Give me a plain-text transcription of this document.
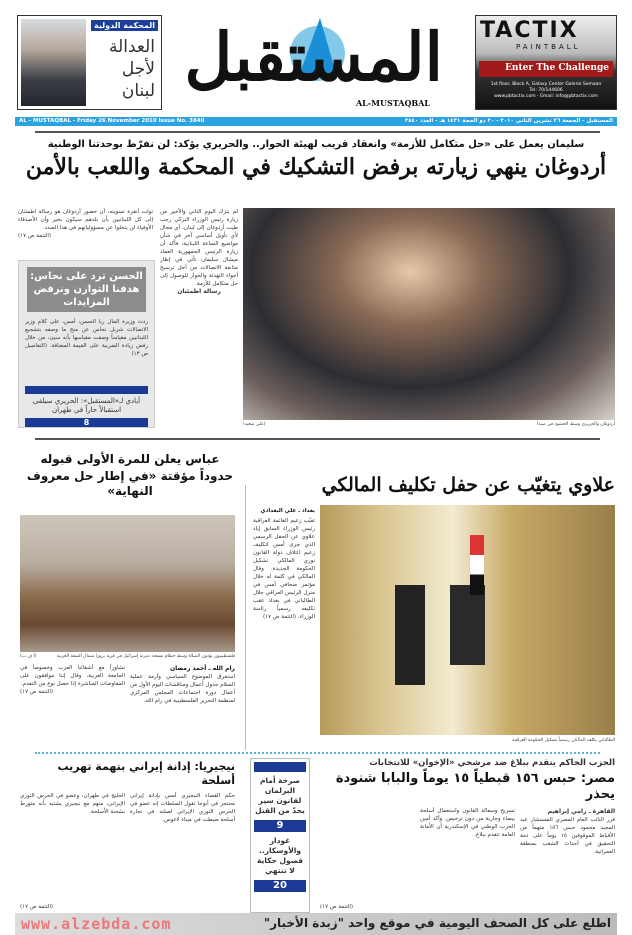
المحكمة الدولية
العدالة
لأجل
لبنان المستقبل
AL-MUSTAQBAL
TACTIX
PAINTBALL
Enter The Challenge
1st floor, Block A, Galaxy Center Galerie Semaan
Tel: 70/144606
www.pbtactix.com - Email: info@pbtactix.com
AL - MUSTAQBAL - Friday 26 November 2010 Issue No. 3840	المستقبل - الجمعة ٢٦ تشرين الثاني ٢٠١٠ - ٢٠ ذو الحجة ١٤٣١ هـ - العدد ٣٨٤٠
سليمان يعمل على «حل متكامل للأزمة» وانعقاد قريب لهيئة الحوار.. والحريري يؤكد: لن نفرّط بوحدتنا الوطنية
أردوغان ينهي زيارته برفض التشكيك في المحكمة واللعب بالأمن
أردوغان والحريري وسط الحشود في صيدا
(علي سعيد)
لم يترك اليوم الثاني والأخير من زيارة رئيس الوزراء التركي رجب طيب أردوغان إلى لبنان، أي مجال لأي تأويل أساسي آخر في شأن مواضيع الساعة اللبنانية، فأكد أن زيارة الرئيس الجمهورية العماد ميشال سليمان تأتي في إطار متابعة الاتصالات من أجل ترسيخ أجواء التهدئة والحوار للوصول إلى حل متكامل للأزمة.
رسالة اطمئنان
تولت أنقرة تسويته، أن حضور أردوغان هو رسالة اطمئنان إلى كل اللبنانيين بأن بلدهم سيكون بخير وأن الأصدقاء الأوفياء لن يتخلوا عن مسؤولياتهم في هذا الصدد.
(التتمة ص ١٧)
الحسن ترد على نحاس: هدفنا التوازن ونرفض المزايدات
ردت وزيرة المال ريا الحسن، أمس، على كلام وزير الاتصالات شربل نحاس عن منح ما وصفه بتشجيع اللبنانيين مقياساً وصفت مقياسها بأنه سيئ، من خلال رفض زيادة الضريبة على القيمة المضافة. (التفاصيل ص ١٣)
أبادي لـ«المستقبل»: الحريري سيلقى استقبالاً حاراً في طهران
8
علاوي يتغيّب عن حفل تكليف المالكي
بغداد ـ علي البغدادي
تغيّب زعيم القائمة العراقية رئيس الوزراء السابق إياد علاوي عن الحفل الرسمي الذي جرى أمس لتكليف زعيم ائتلاف دولة القانون نوري المالكي تشكيل الحكومة الجديدة. وقال المالكي في كلمة له خلال مؤتمر صحافي أمس في منزل الرئيس العراقي جلال الطالباني في بغداد عقب تكليفه رسمياً رئاسة الوزراء. (التتمة ص ١٧)
الطالباني يكلف المالكي رسمياً تشكيل الحكومة العراقية
عباس يعلن للمرة الأولى قبوله
حدوداً مؤقتة «في إطار حل معروف النهاية»
فلسطينيون يؤدون الصلاة وسط حطام مسجد دمرته إسرائيل في قرية بزوزا شمال الضفة الغربية
(أ ف ب)
رام الله ـ أحمد رمضان
استغرق الموضوع السياسي وأزمة عملية السلام جدول أعمال ومناقشات اليوم الأول من أعمال دورة اجتماعات المجلس المركزي لمنظمة التحرير الفلسطينية في رام الله.
تشاوراً مع أشقائنا العرب وخصوصاً في الجامعة العربية، وقال إننا موافقون على المفاوضات المباشرة إذا حصل نوع من التقدم.
(التتمة ص ١٧)
الحزب الحاكم يتقدم ببلاغ ضد مرشحي «الإخوان» للانتخابات
مصر: حبس ١٥٦ قبطياً ١٥ يوماً والبابا شنودة يحذر
القاهرة ـ رامي إبراهيم
قرر النائب العام المصري المستشار عبد المجيد محمود حبس ١٥٦ متهماً من الأقباط الموقوفين ١٥ يوماً على ذمة التحقيق في أحداث الشغب بمنطقة العمرانية.
تسريح وسفالة القانون واستعمال أسلحة بيضاء وجارية من دون ترخيص. وأكد أمين الحزب الوطني في الإسكندرية أن الأمانة العامة تتقدم ببلاغ.
(التتمة ص ١٧)
صرخة أمام البرلمان لقانون سير يحدّ من القتل
9
غودار والأوسكار.. فصول حكاية لا تنتهي
20
نيجيريا: إدانة إيراني بتهمة تهريب أسلحة
حكم القضاء النيجيري أمس بإدانة إيراني محتجز في أبوجا تقول السلطات إنه عضو في الحرس الثوري الإيراني لصلته في تجارة أسلحة ضبطت في ميناء لاغوس.
الخليج في طهران، وعضو في الحرس الثوري الإيراني، متهم مع نيجيري يشتبه بأنه متورط بشحنة الأسلحة.
(التتمة ص ١٧)
www.alzebda.com	اطلع على كل الصحف اليومية في موقع واحد "زبدة الأخبار"
